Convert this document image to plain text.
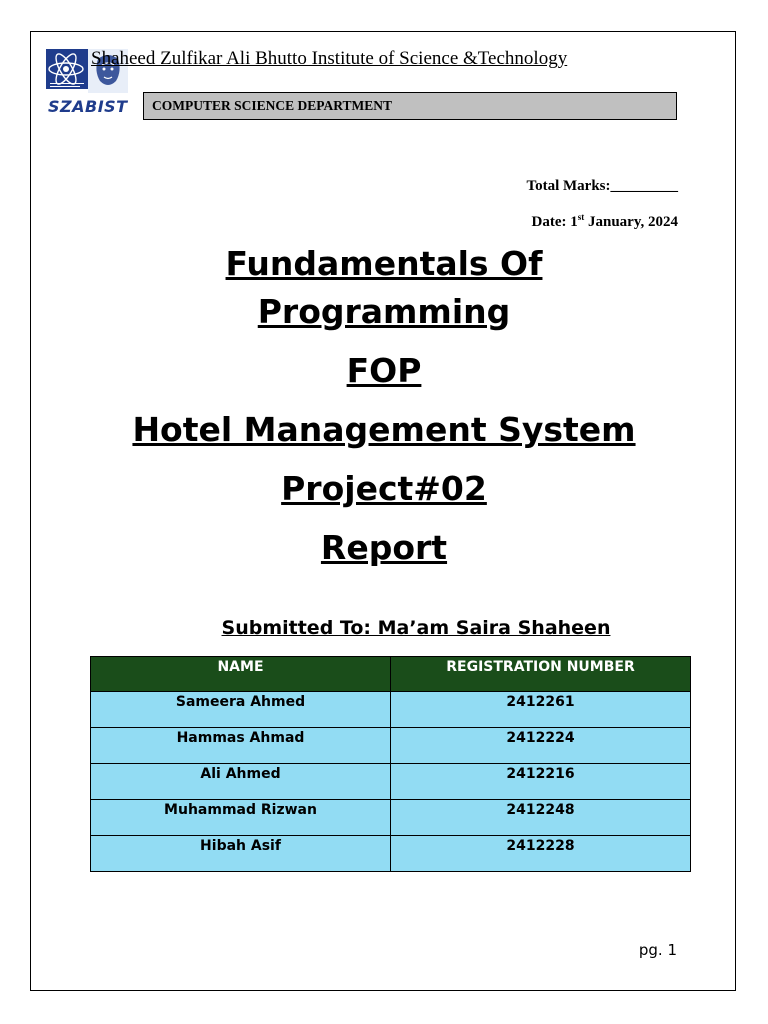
SZABIST
Shaheed Zulfikar Ali Bhutto Institute of Science &Technology
COMPUTER SCIENCE DEPARTMENT
Total Marks:_________
Date: 1st January, 2024
Fundamentals Of
Programming
FOP
Hotel Management System
Project#02
Report
Submitted To: Ma’am Saira Shaheen
NAME	REGISTRATION NUMBER
Sameera Ahmed	2412261
Hammas Ahmad	2412224
Ali Ahmed	2412216
Muhammad Rizwan	2412248
Hibah Asif	2412228
pg. 1
